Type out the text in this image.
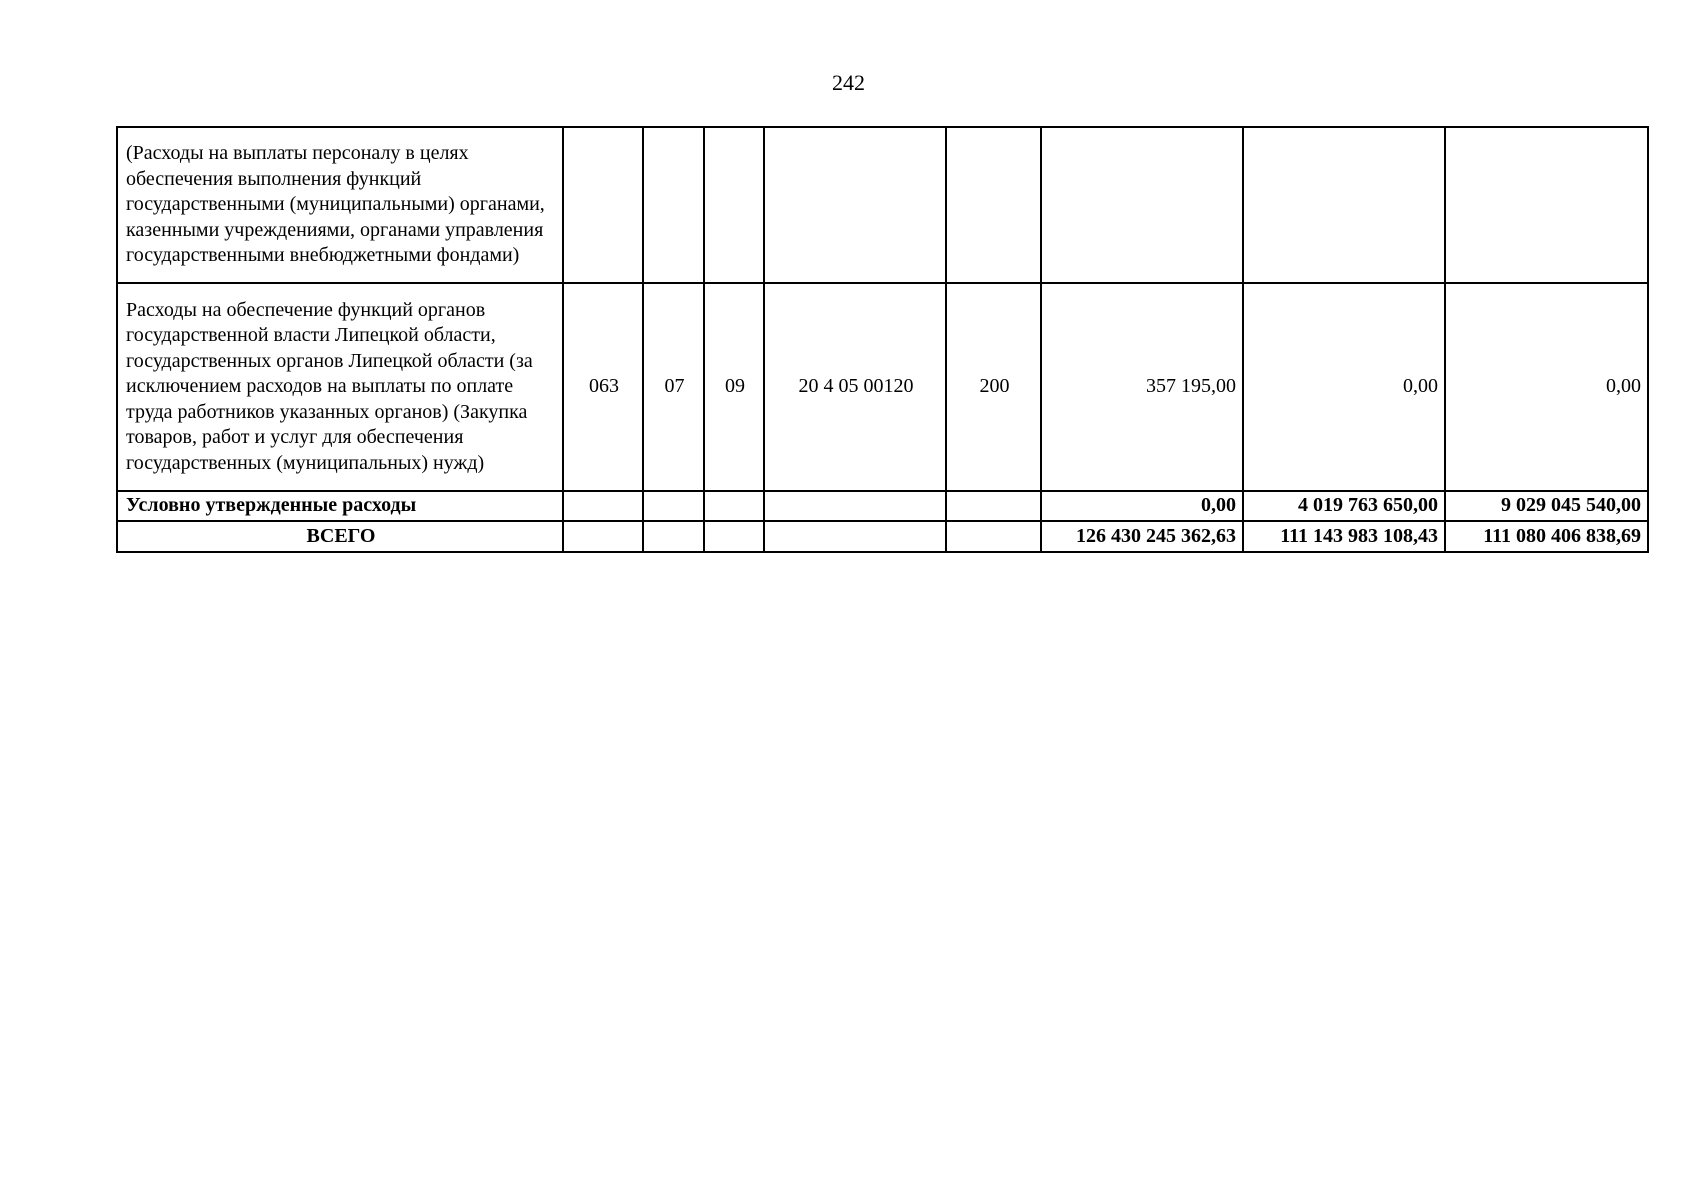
242
(Расходы на выплаты персоналу в целях обеспечения выполнения функций государственными (муниципальными) органами, казенными учреждениями, органами управления государственными внебюджетными фондами)								
Расходы на обеспечение функций органов государственной власти Липецкой области, государственных органов Липецкой области (за исключением расходов на выплаты по оплате труда работников указанных органов) (Закупка товаров, работ и услуг для обеспечения государственных (муниципальных) нужд)	063	07	09	20 4 05 00120	200	357 195,00	0,00	0,00
Условно утвержденные расходы						0,00	4 019 763 650,00	9 029 045 540,00
ВСЕГО						126 430 245 362,63	111 143 983 108,43	111 080 406 838,69
